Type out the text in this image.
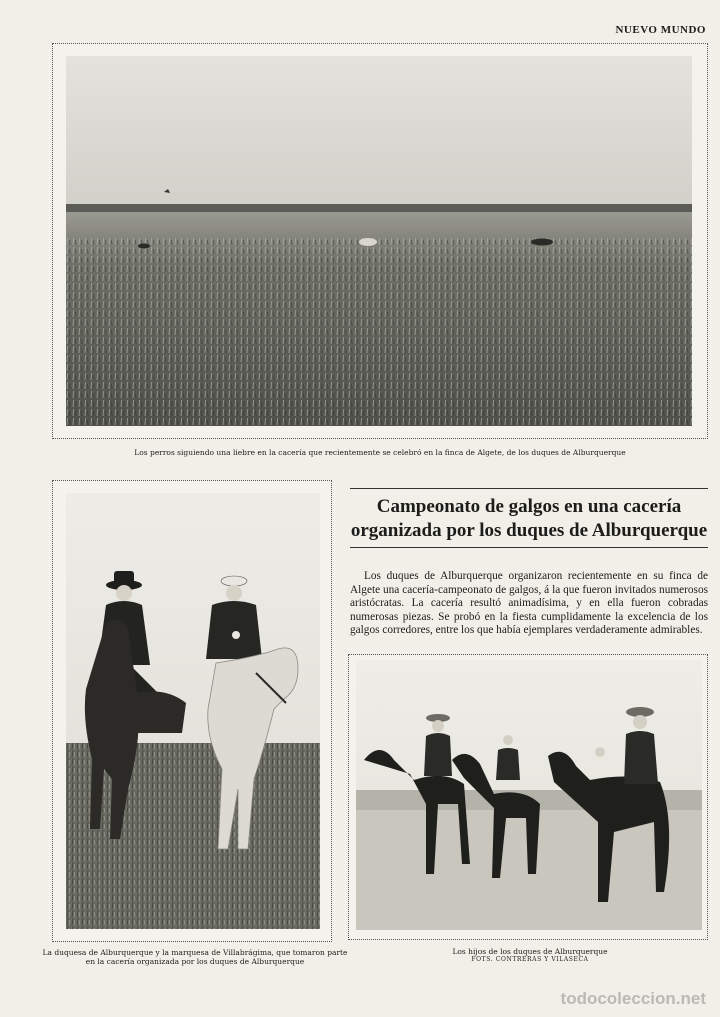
NUEVO MUNDO
Los perros siguiendo una liebre en la cacería que recientemente se celebró en la finca de Algete, de los duques de Alburquerque
La duquesa de Alburquerque y la marquesa de Villabrágima, que tomaron parte en la cacería organizada por los duques de Alburquerque
Campeonato de galgos en una cacería
organizada por los duques de Alburquerque
Los duques de Alburquerque organizaron recientemente en su finca de Algete una cacería-campeonato de galgos, á la que fueron invitados numerosos aristócratas. La cacería resultó animadísima, y en ella fueron cobradas numerosas piezas. Se probó en la fiesta cumplidamente la excelencia de los galgos corredores, entre los que había ejemplares verdaderamente admirables.
Los hijos de los duques de Alburquerque
FOTS. CONTRERAS Y VILASECA
todocoleccion.net
